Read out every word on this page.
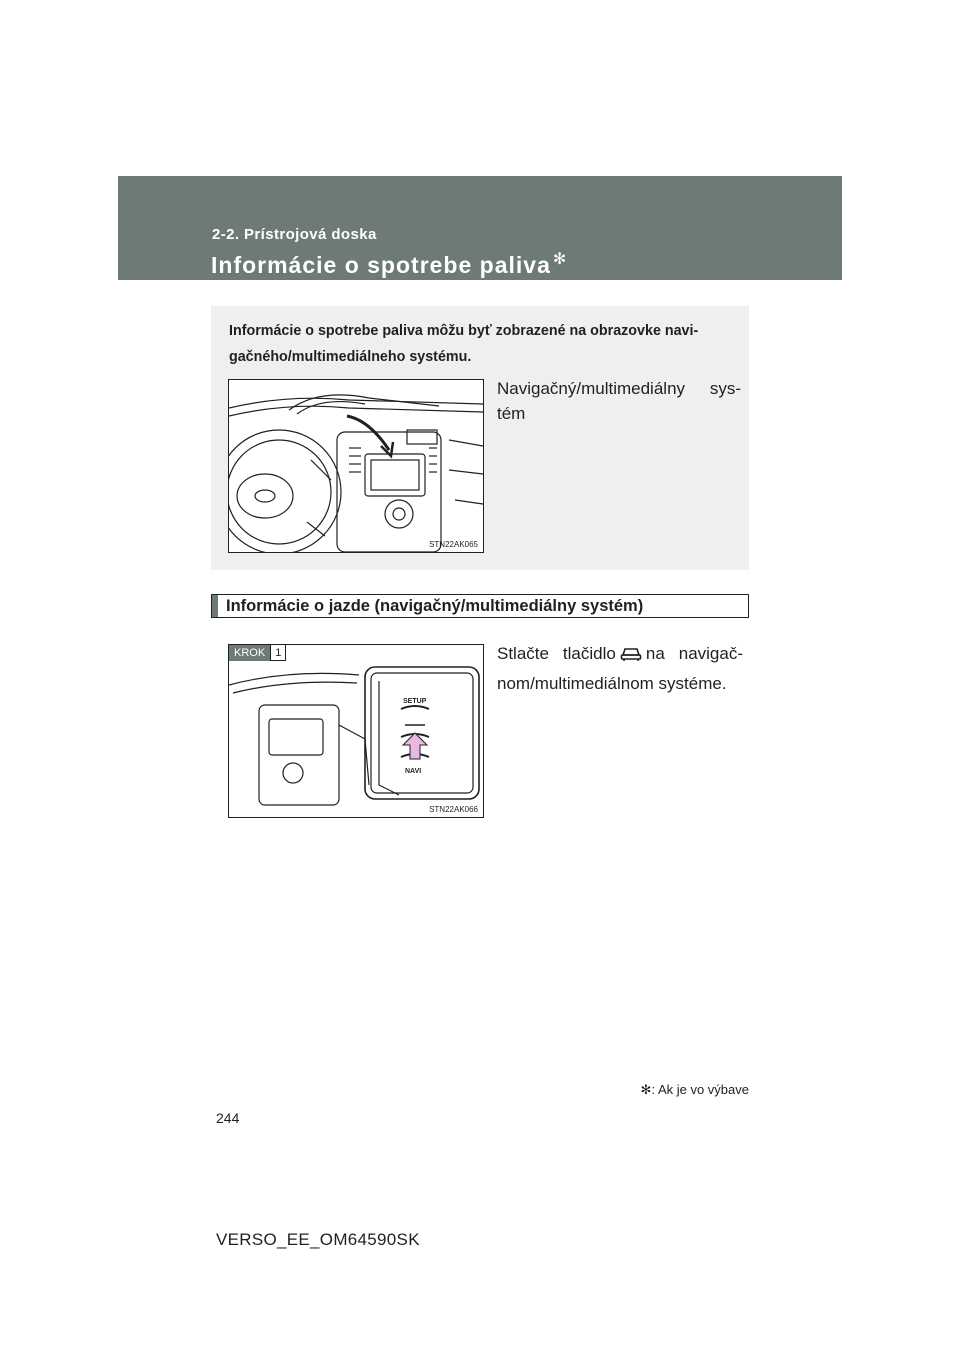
2-2. Prístrojová doska
Informácie o spotrebe paliva ✻
Informácie o spotrebe paliva môžu byť zobrazené na obrazovke navi-gačného/multimediálneho systému.
STN22AK065
Navigačný/multimediálny sys-tém
Informácie o jazde (navigačný/multimediálny systém)
SETUP
NAVI
KROK 1
STN22AK066
Stlačte tlačidlo na navigač-nom/multimediálnom systéme.
✻: Ak je vo výbave
244
VERSO_EE_OM64590SK
